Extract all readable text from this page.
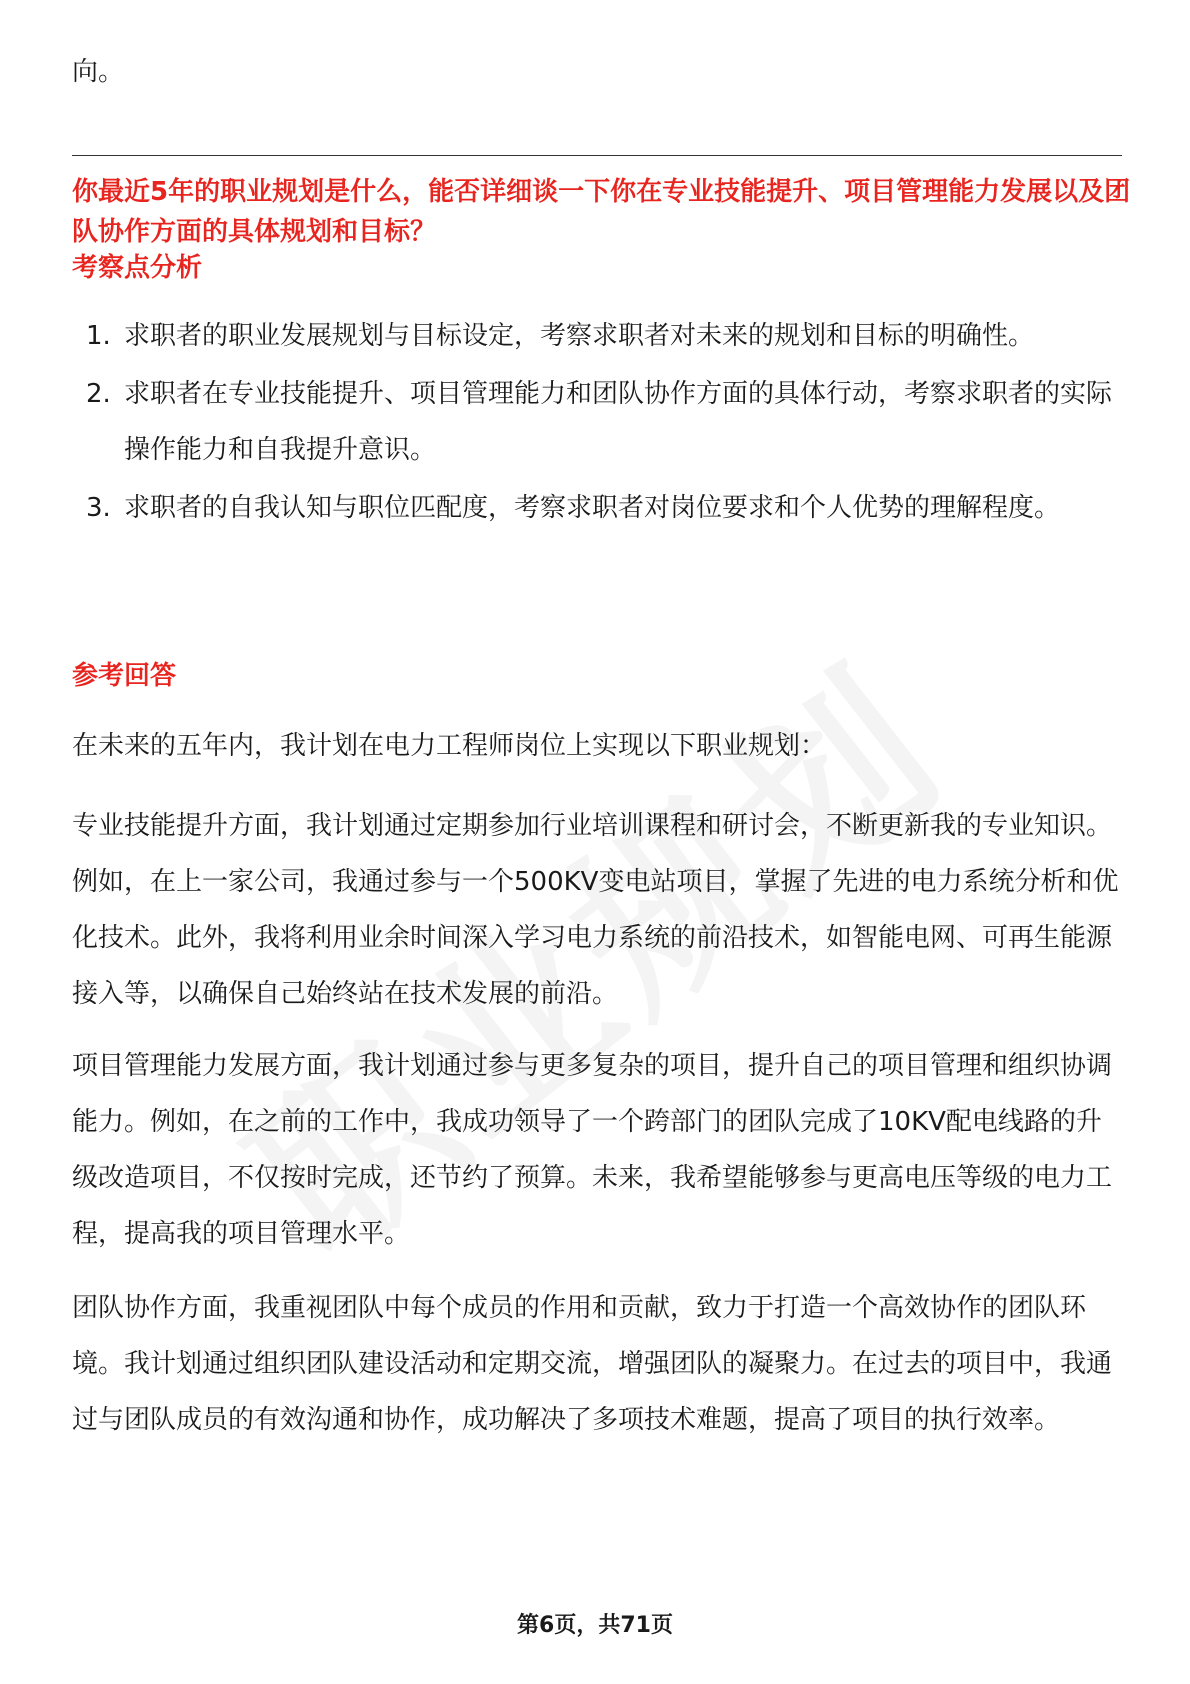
向。
你最近5年的职业规划是什么，能否详细谈一下你在专业技能提升、项目管理能力发展以及团队协作方面的具体规划和目标？
考察点分析
1. 求职者的职业发展规划与目标设定，考察求职者对未来的规划和目标的明确性。
2. 求职者在专业技能提升、项目管理能力和团队协作方面的具体行动，考察求职者的实际操作能力和自我提升意识。
3. 求职者的自我认知与职位匹配度，考察求职者对岗位要求和个人优势的理解程度。
参考回答
在未来的五年内，我计划在电力工程师岗位上实现以下职业规划：
专业技能提升方面，我计划通过定期参加行业培训课程和研讨会，不断更新我的专业知识。例如，在上一家公司，我通过参与一个500KV变电站项目，掌握了先进的电力系统分析和优化技术。此外，我将利用业余时间深入学习电力系统的前沿技术，如智能电网、可再生能源接入等，以确保自己始终站在技术发展的前沿。
项目管理能力发展方面，我计划通过参与更多复杂的项目，提升自己的项目管理和组织协调能力。例如，在之前的工作中，我成功领导了一个跨部门的团队完成了10KV配电线路的升级改造项目，不仅按时完成，还节约了预算。未来，我希望能够参与更高电压等级的电力工程，提高我的项目管理水平。
团队协作方面，我重视团队中每个成员的作用和贡献，致力于打造一个高效协作的团队环境。我计划通过组织团队建设活动和定期交流，增强团队的凝聚力。在过去的项目中，我通过与团队成员的有效沟通和协作，成功解决了多项技术难题，提高了项目的执行效率。
第6页，共71页
